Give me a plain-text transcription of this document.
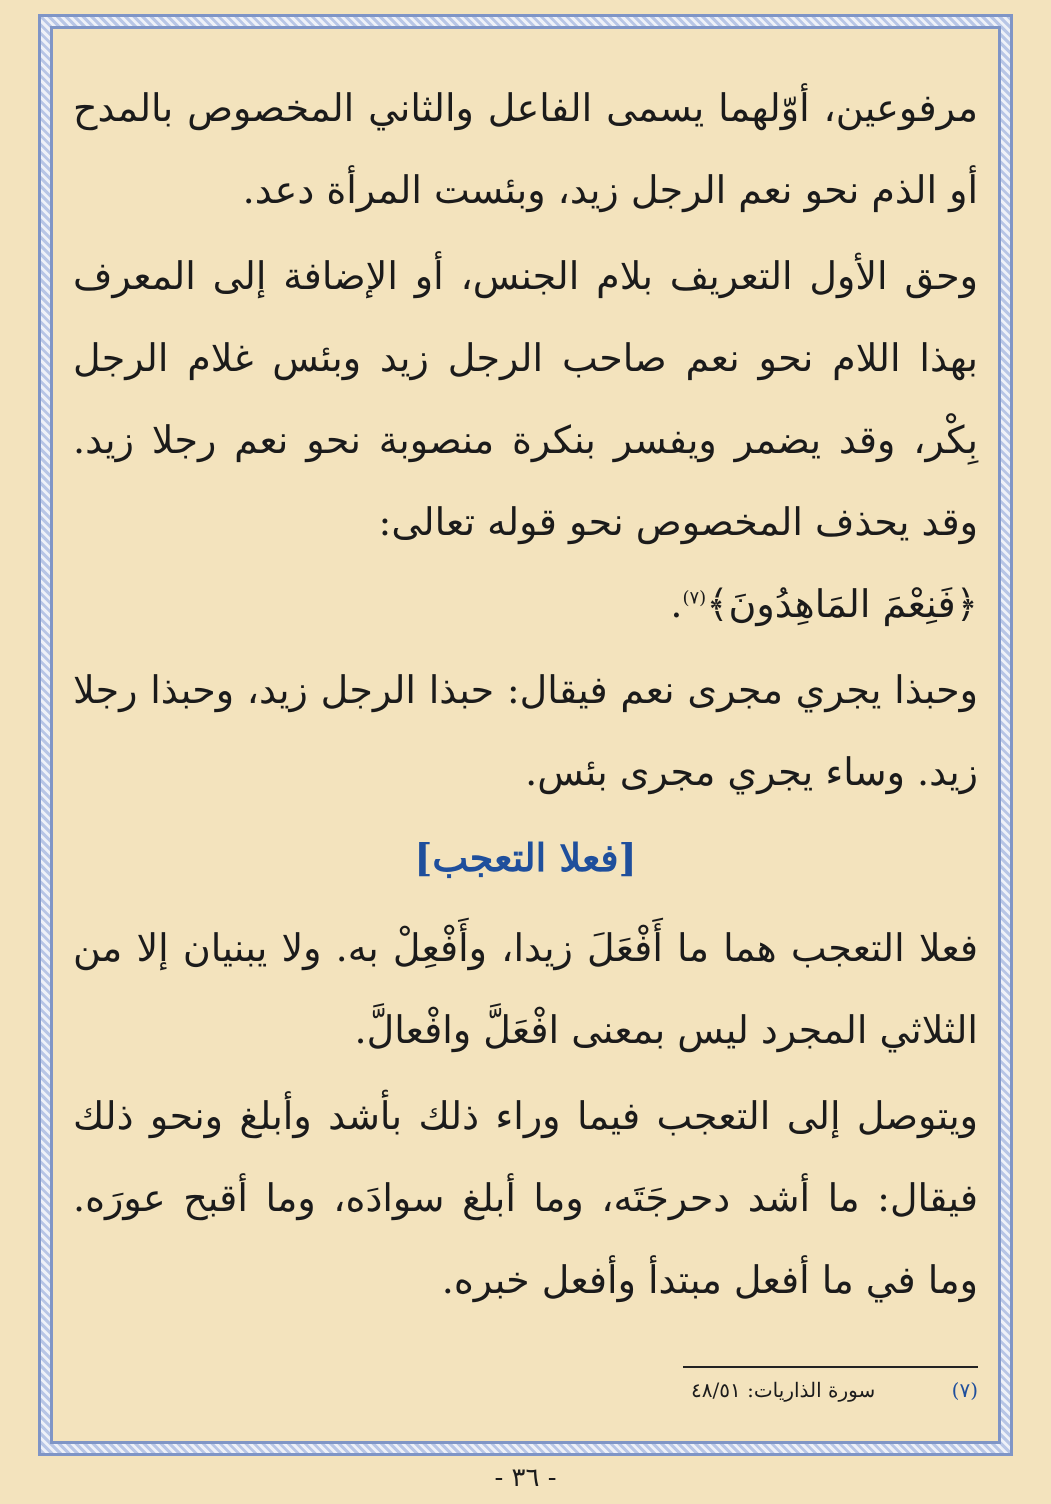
مرفوعين، أوّلهما يسمى الفاعل والثاني المخصوص بالمدح أو الذم نحو نعم الرجل زيد، وبئست المرأة دعد.

وحق الأول التعريف بلام الجنس، أو الإضافة إلى المعرف بهذا اللام نحو نعم صاحب الرجل زيد وبئس غلام الرجل بِكْر، وقد يضمر ويفسر بنكرة منصوبة نحو نعم رجلا زيد. وقد يحذف المخصوص نحو قوله تعالى:
﴿فَنِعْمَ المَاهِدُونَ﴾$^{(٧)}$.

وحبذا يجري مجرى نعم فيقال: حبذا الرجل زيد، وحبذا رجلا زيد. وساء يجري مجرى بئس.

[فعلا التعجب]

فعلا التعجب هما ما أَفْعَلَ زيدا، وأَفْعِلْ به. ولا يبنيان إلا من الثلاثي المجرد ليس بمعنى افْعَلَّ وافْعالَّ.

ويتوصل إلى التعجب فيما وراء ذلك بأشد وأبلغ ونحو ذلك فيقال: ما أشد دحرجَتَه، وما أبلغ سوادَه، وما أقبح عورَه. وما في ما أفعل مبتدأ وأفعل خبره.

(٧) سورة الذاريات: ٤٨/٥١
- ٣٦ -
